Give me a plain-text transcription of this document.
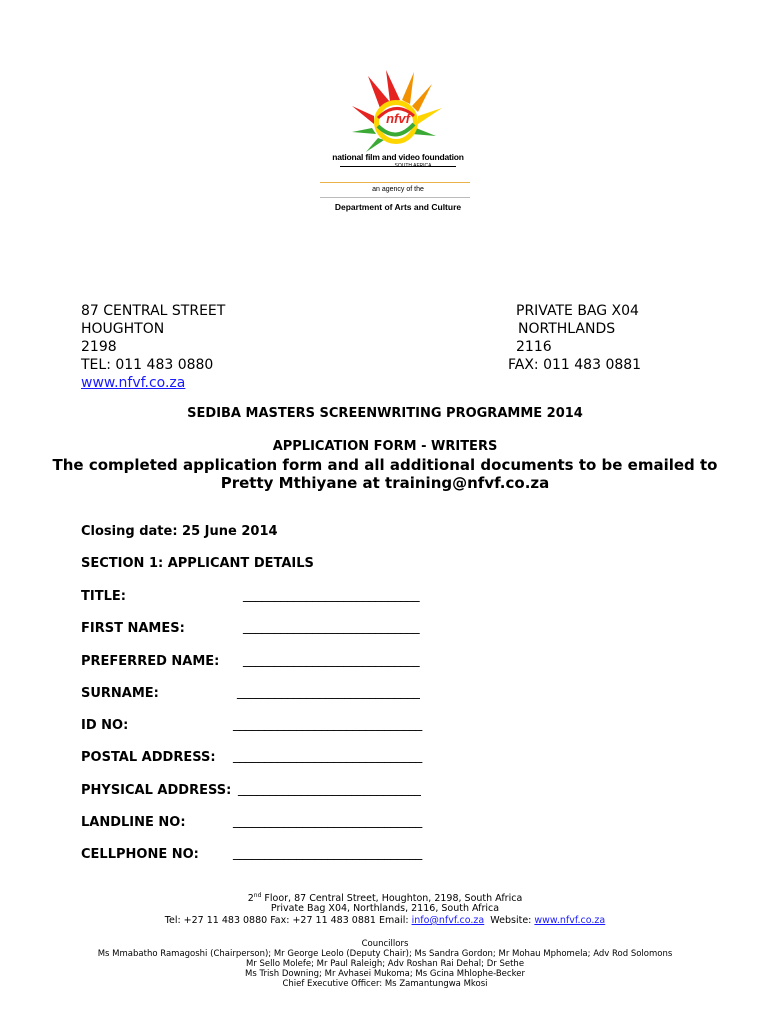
nfvf
national film and video foundation
SOUTH AFRICA
an agency of the
Department of Arts and Culture
87 CENTRAL STREET
HOUGHTON
2198
TEL: 011 483 0880
www.nfvf.co.za
PRIVATE BAG X04
NORTHLANDS
2116
FAX: 011 483 0881
SEDIBA MASTERS SCREENWRITING PROGRAMME 2014
APPLICATION FORM - WRITERS
The completed application form and all additional documents to be emailed to
Pretty Mthiyane at training@nfvf.co.za
Closing date: 25 June 2014
SECTION 1: APPLICANT DETAILS
TITLE:	____________________________
FIRST NAMES:	____________________________
PREFERRED NAME: ____________________________
SURNAME:	_____________________________
ID NO:	______________________________
POSTAL ADDRESS: ______________________________
PHYSICAL ADDRESS: _____________________________
LANDLINE NO:	______________________________
CELLPHONE NO:	______________________________
2nd Floor, 87 Central Street, Houghton, 2198, South Africa
Private Bag X04, Northlands, 2116, South Africa
Tel: +27 11 483 0880 Fax: +27 11 483 0881 Email: info@nfvf.co.za  Website: www.nfvf.co.za
Councillors
Ms Mmabatho Ramagoshi (Chairperson); Mr George Leolo (Deputy Chair); Ms Sandra Gordon; Mr Mohau Mphomela; Adv Rod Solomons
Mr Sello Molefe; Mr Paul Raleigh; Adv Roshan Rai Dehal; Dr Sethe
Ms Trish Downing; Mr Avhasei Mukoma; Ms Gcina Mhlophe-Becker
Chief Executive Officer: Ms Zamantungwa Mkosi
